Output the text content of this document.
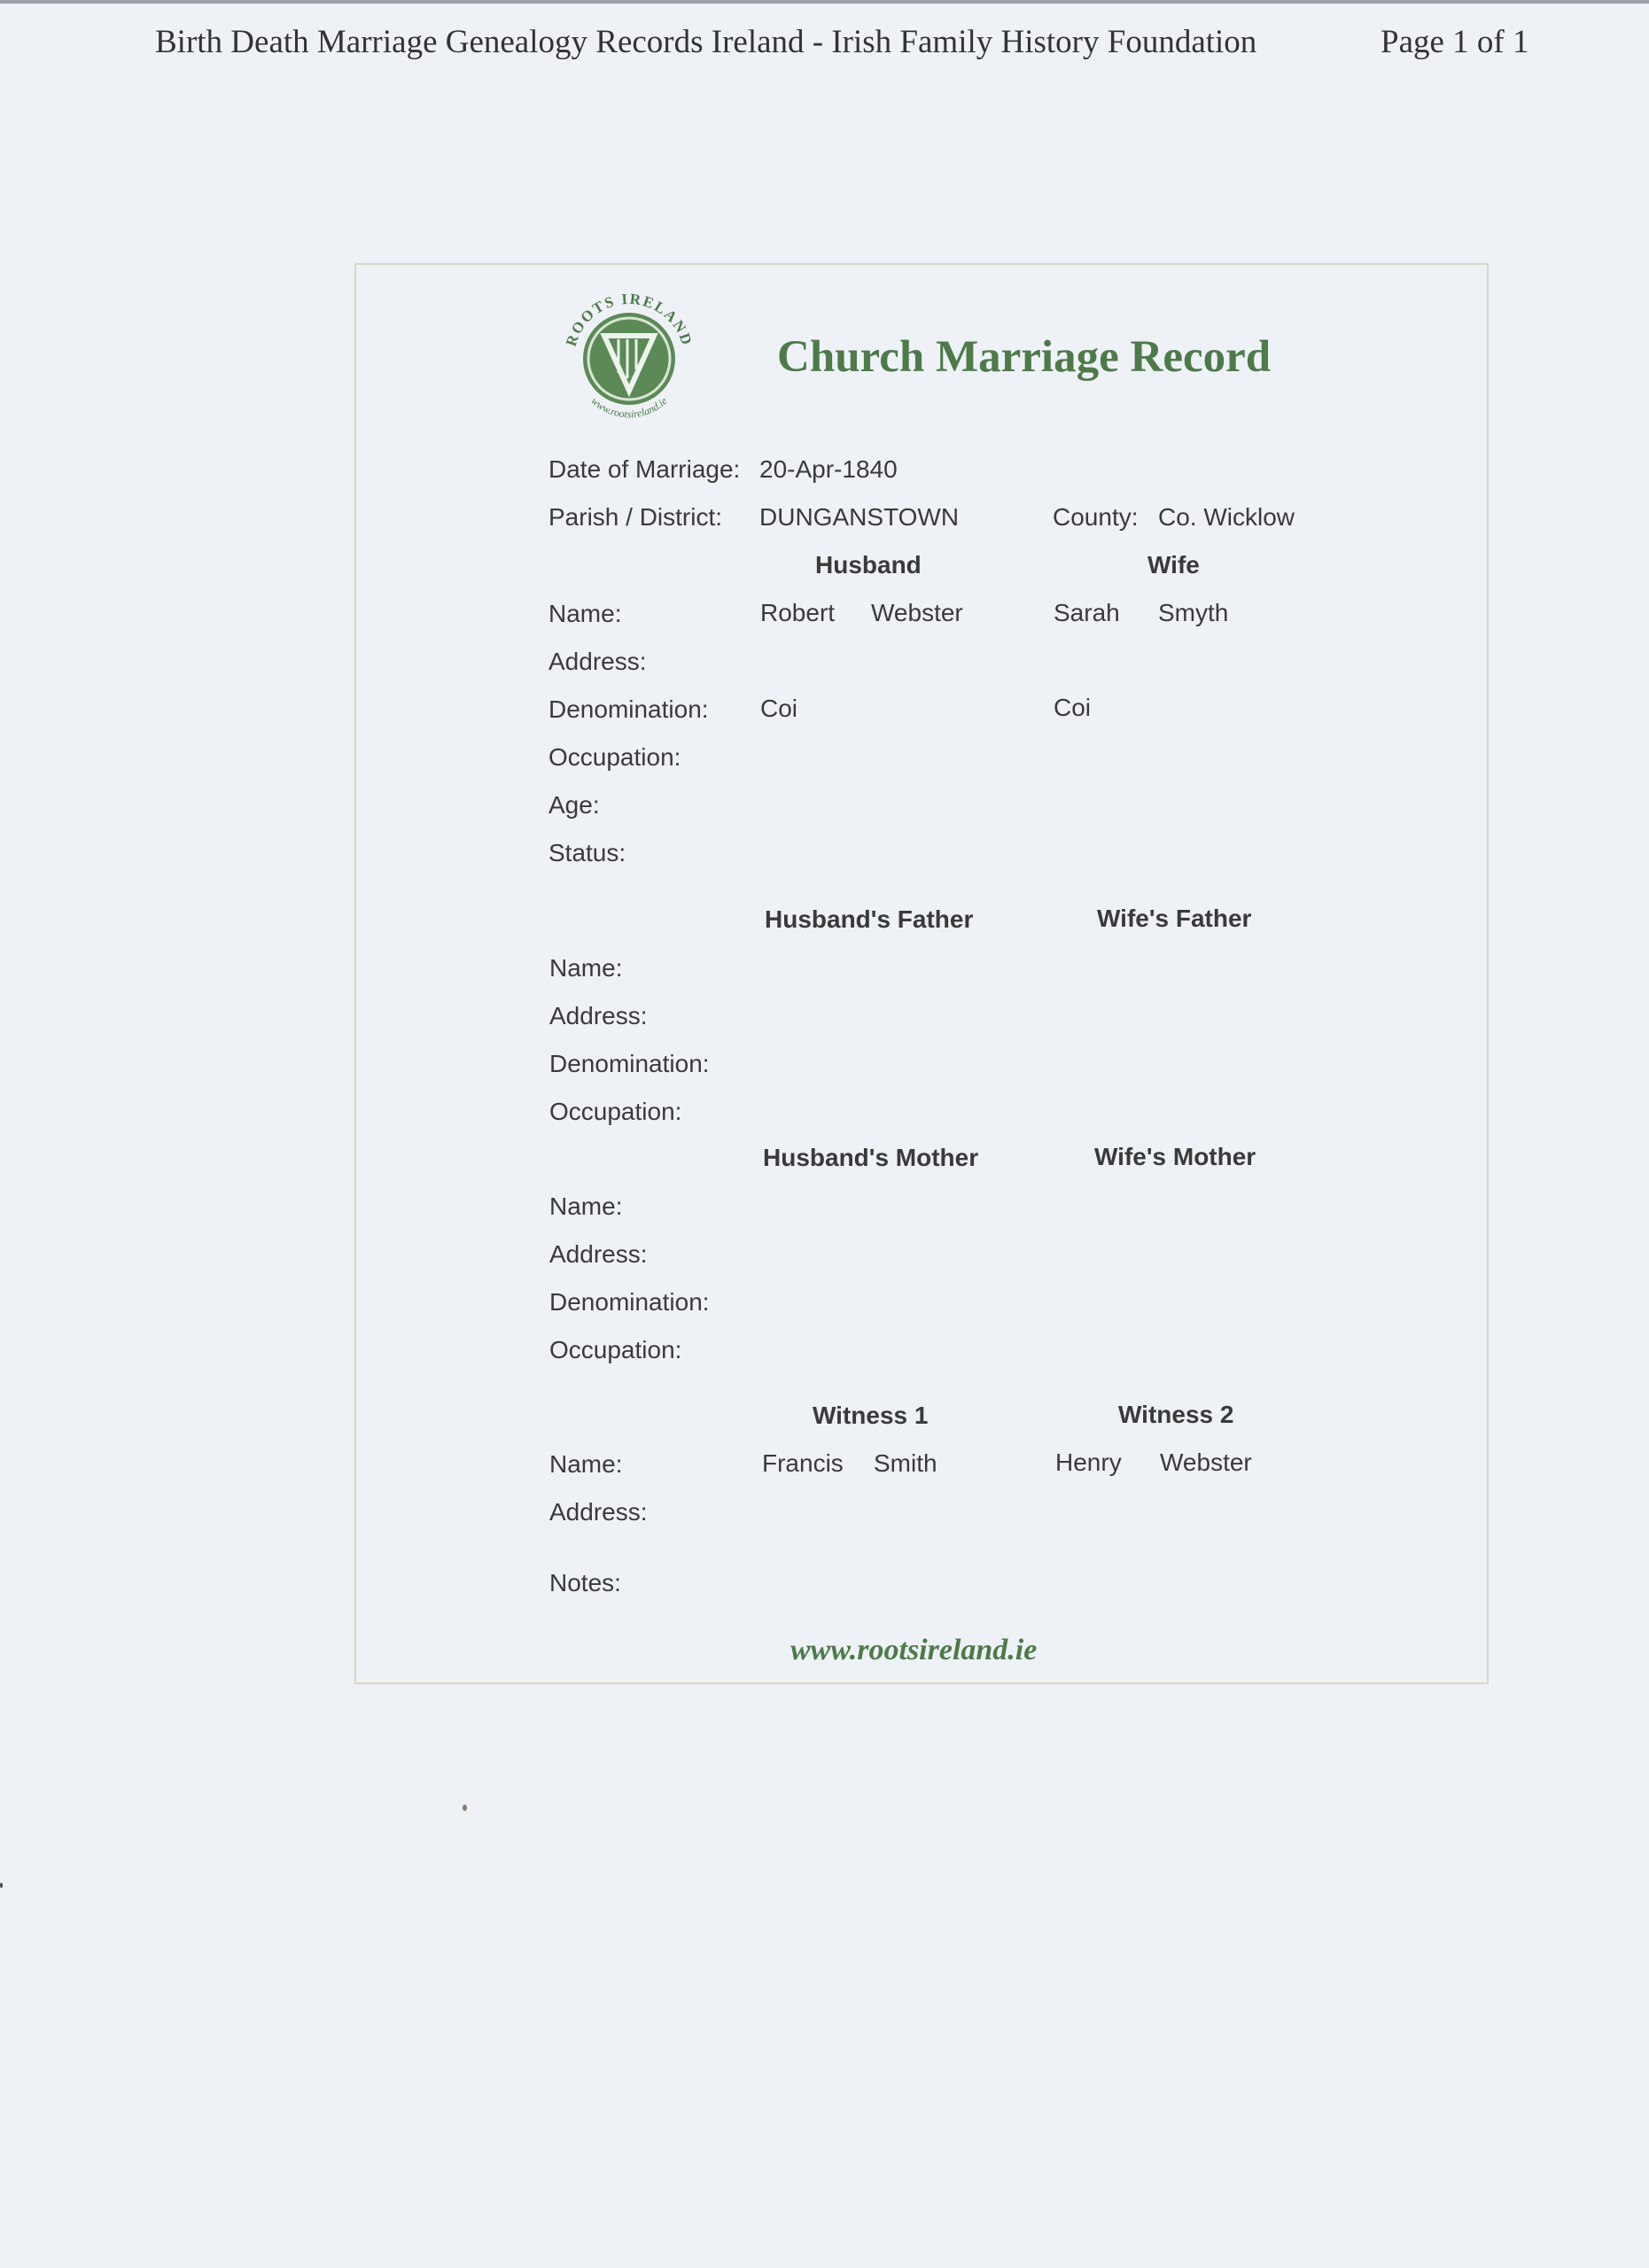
Birth Death Marriage Genealogy Records Ireland - Irish Family History Foundation	Page 1 of 1
ROOTS IRELAND
www.rootsireland.ie
Church Marriage Record
Date of Marriage: 20-Apr-1840
Parish / District: DUNGANSTOWN	County: Co. Wicklow
Husband	Wife
Name:	Robert Webster	Sarah Smyth
Address:
Denomination: Coi	Coi
Occupation:
Age:
Status:
Husband's Father	Wife's Father
Name:
Address:
Denomination:
Occupation:
Husband's Mother	Wife's Mother
Name:
Address:
Denomination:
Occupation:
Witness 1	Witness 2
Name:	Francis Smith	Henry Webster
Address:
Notes:
www.rootsireland.ie
